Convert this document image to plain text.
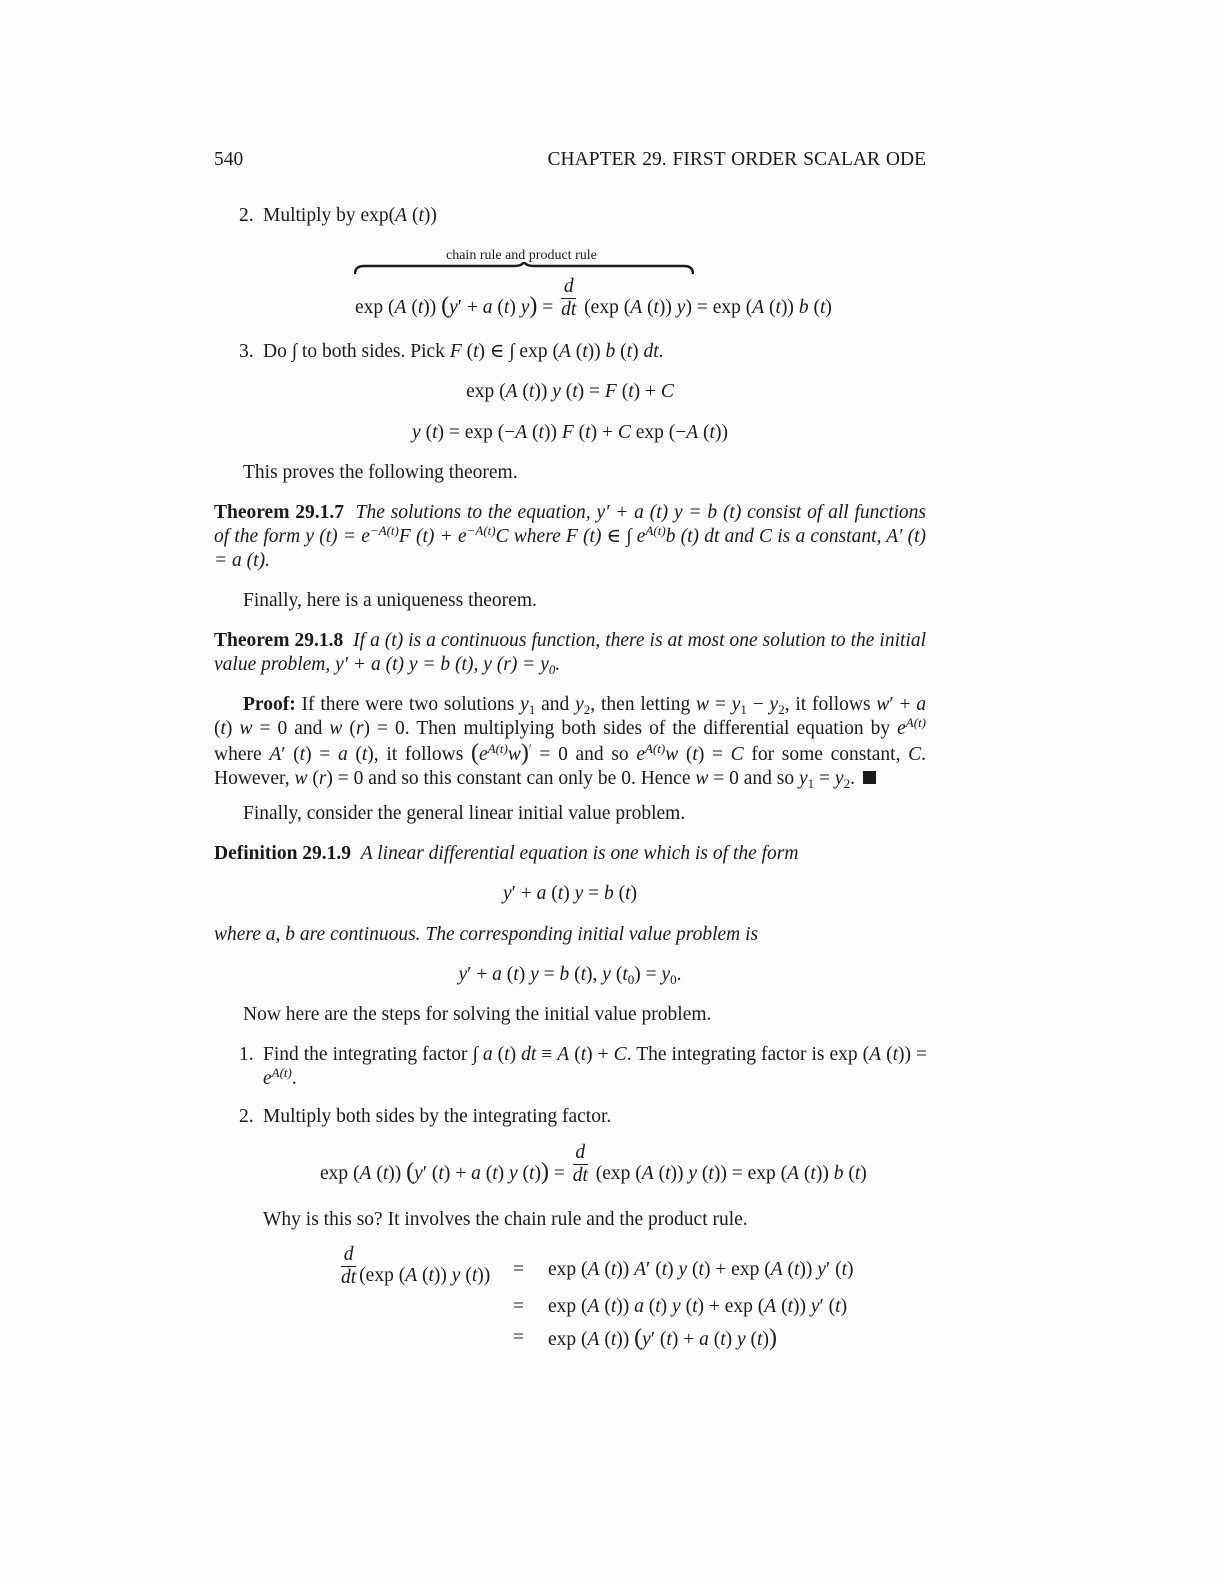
540	CHAPTER 29. FIRST ORDER SCALAR ODE
2. Multiply by exp(A (t))
chain rule and product rule
exp (A (t)) (y′ + a (t) $y) = \frac{d}{dt} (\exp$ (A (t)) y) = exp (A (t)) b (t)
3. Do ∫ to both sides. Pick F (t) ∈ ∫ exp (A (t)) b (t) dt.
exp (A (t)) y (t) = F (t) + C
y (t) = exp (−A (t)) F (t) + C exp (−A (t))
This proves the following theorem.
Theorem 29.1.7 The solutions to the equation, y′ + a (t) y = b (t) consist of all functions of the form y $(t) = e^{-A(t)}F$ $(t) + e^{-A(t)}C$ where F (t) ∈ ∫ $e^{A(t)}b$ (t) dt and C is a constant, A′ (t) = a (t).
Finally, here is a uniqueness theorem.
Theorem 29.1.8 If a (t) is a continuous function, there is at most one solution to the initial value problem, y′ + a (t) y = b (t), y $(r) = y_0$.
Proof: If there were two solutions $y_1$ and $y_2$, then letting $w = y_1 - y_2$, it follows w′ + a (t) w = 0 and w (r) = 0. Then multiplying both sides of the differential equation by $e^{A(t)}$ where A′ (t) = a (t), it follows $(e^{A(t)}w)' = 0$ and so $e^{A(t)}w$ (t) = C for some constant, C. However, w (r) = 0 and so this constant can only be 0. Hence w = 0 and so $y_1 = y_2$.
Finally, consider the general linear initial value problem.
Definition 29.1.9 A linear differential equation is one which is of the form
y′ + a (t) y = b (t)
where a, b are continuous. The corresponding initial value problem is
y′ + a (t) y = b (t), y $(t_0) = y_0$.
Now here are the steps for solving the initial value problem.
1. Find the integrating factor ∫ a (t) dt ≡ A (t) + C. The integrating factor is exp (A $(t)) = e^{A(t)}$.
2. Multiply both sides by the integrating factor.
exp (A (t)) (y′ (t) + a (t) y $(t)) = \frac{d}{dt} (\exp$ (A (t)) y (t)) = exp (A (t)) b (t)
Why is this so? It involves the chain rule and the product rule.
$\frac{d}{dt} (\exp$ (A (t)) y (t)) = exp (A (t)) A′ (t) y (t) + exp (A (t)) y′ (t)
= exp (A (t)) a (t) y (t) + exp (A (t)) y′ (t)
= exp (A (t)) (y′ (t) + a (t) y (t))
